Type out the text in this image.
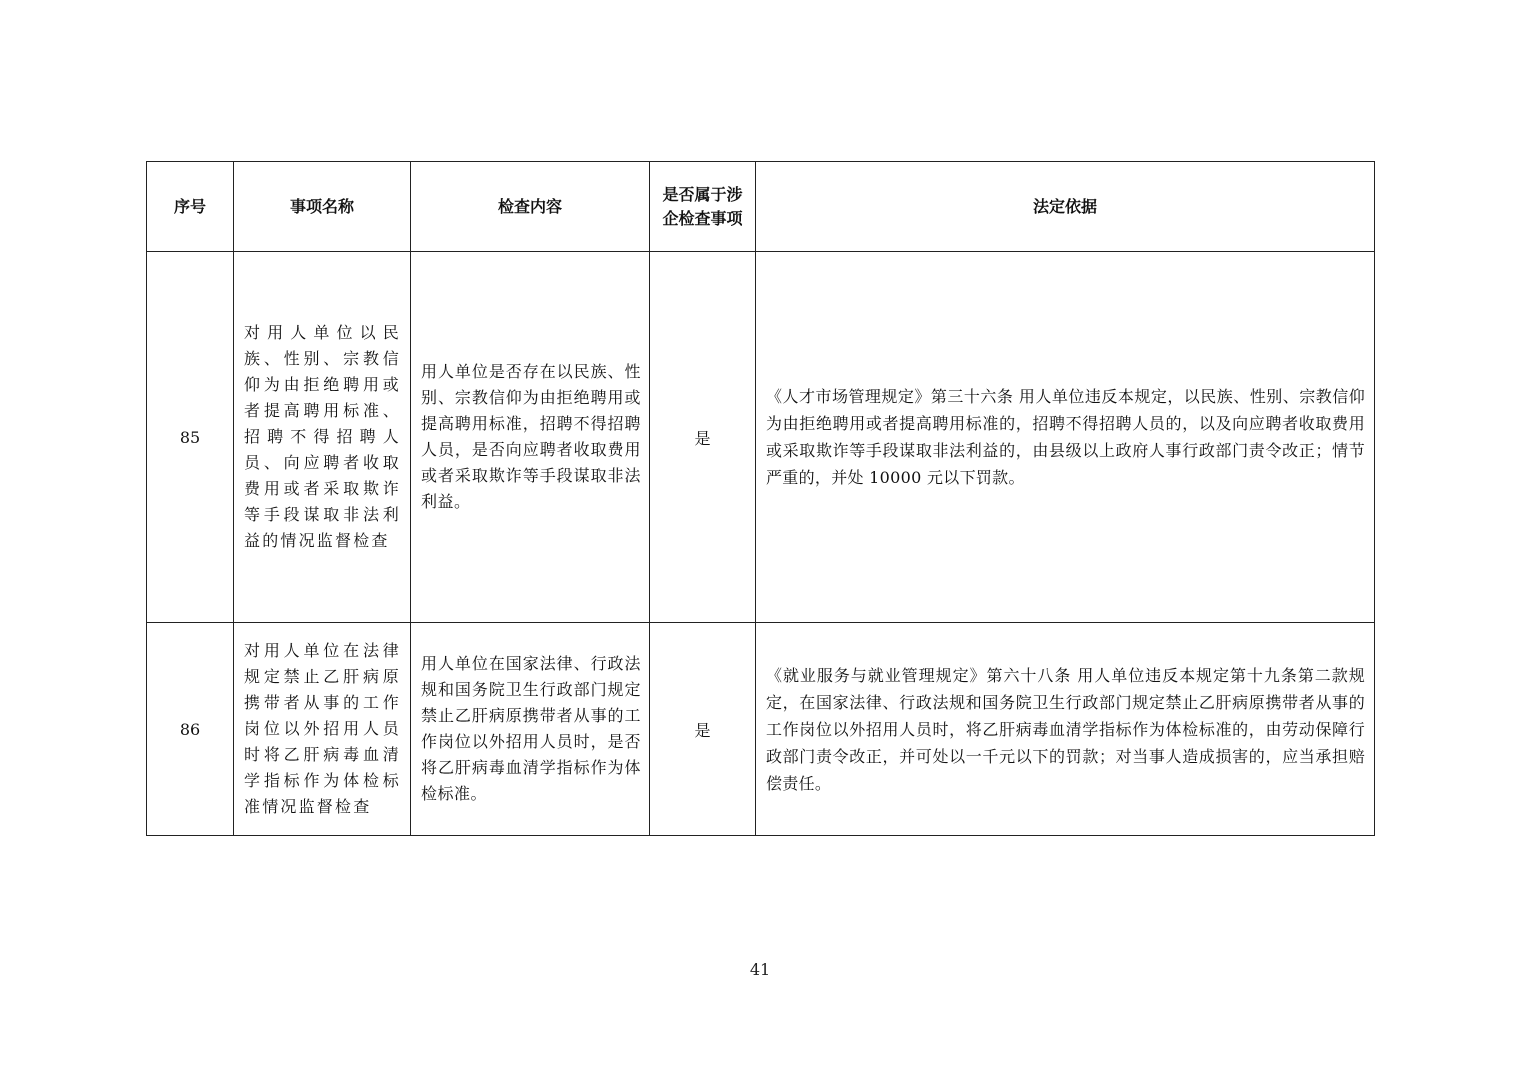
序号	事项名称	检查内容	是否属于涉企检查事项	法定依据
85	对用人单位以民族、性别、宗教信仰为由拒绝聘用或者提高聘用标准、招聘不得招聘人员、向应聘者收取费用或者采取欺诈等手段谋取非法利益的情况监督检查	用人单位是否存在以民族、性别、宗教信仰为由拒绝聘用或提高聘用标准，招聘不得招聘人员，是否向应聘者收取费用或者采取欺诈等手段谋取非法利益。	是	《人才市场管理规定》第三十六条 用人单位违反本规定，以民族、性别、宗教信仰为由拒绝聘用或者提高聘用标准的，招聘不得招聘人员的，以及向应聘者收取费用或采取欺诈等手段谋取非法利益的，由县级以上政府人事行政部门责令改正；情节严重的，并处 10000 元以下罚款。

86	对用人单位在法律规定禁止乙肝病原携带者从事的工作岗位以外招用人员时将乙肝病毒血清学指标作为体检标准情况监督检查	用人单位在国家法律、行政法规和国务院卫生行政部门规定禁止乙肝病原携带者从事的工作岗位以外招用人员时，是否将乙肝病毒血清学指标作为体检标准。	是	《就业服务与就业管理规定》第六十八条 用人单位违反本规定第十九条第二款规定，在国家法律、行政法规和国务院卫生行政部门规定禁止乙肝病原携带者从事的工作岗位以外招用人员时，将乙肝病毒血清学指标作为体检标准的，由劳动保障行政部门责令改正，并可处以一千元以下的罚款；对当事人造成损害的，应当承担赔偿责任。
41
